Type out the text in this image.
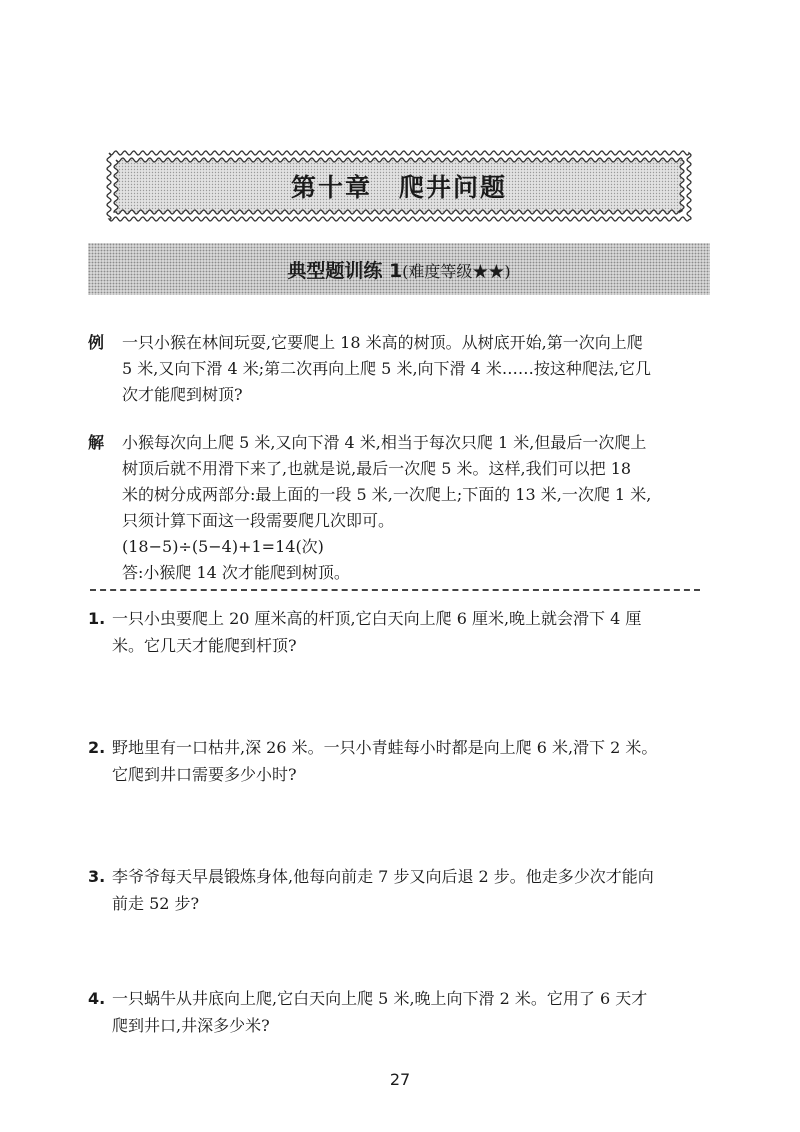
第十章　爬井问题
典型题训练 1(难度等级★★)
例 一只小猴在林间玩耍,它要爬上 18 米高的树顶。从树底开始,第一次向上爬

5 米,又向下滑 4 米;第二次再向上爬 5 米,向下滑 4 米……按这种爬法,它几

次才能爬到树顶?

解 小猴每次向上爬 5 米,又向下滑 4 米,相当于每次只爬 1 米,但最后一次爬上

树顶后就不用滑下来了,也就是说,最后一次爬 5 米。这样,我们可以把 18

米的树分成两部分:最上面的一段 5 米,一次爬上;下面的 13 米,一次爬 1 米,

只须计算下面这一段需要爬几次即可。

(18−5)÷(5−4)+1=14(次)

答:小猴爬 14 次才能爬到树顶。

1. 一只小虫要爬上 20 厘米高的杆顶,它白天向上爬 6 厘米,晚上就会滑下 4 厘
米。它几天才能爬到杆顶?
2. 野地里有一口枯井,深 26 米。一只小青蛙每小时都是向上爬 6 米,滑下 2 米。
它爬到井口需要多少小时?
3. 李爷爷每天早晨锻炼身体,他每向前走 7 步又向后退 2 步。他走多少次才能向
前走 52 步?
4. 一只蜗牛从井底向上爬,它白天向上爬 5 米,晚上向下滑 2 米。它用了 6 天才
爬到井口,井深多少米?
27
